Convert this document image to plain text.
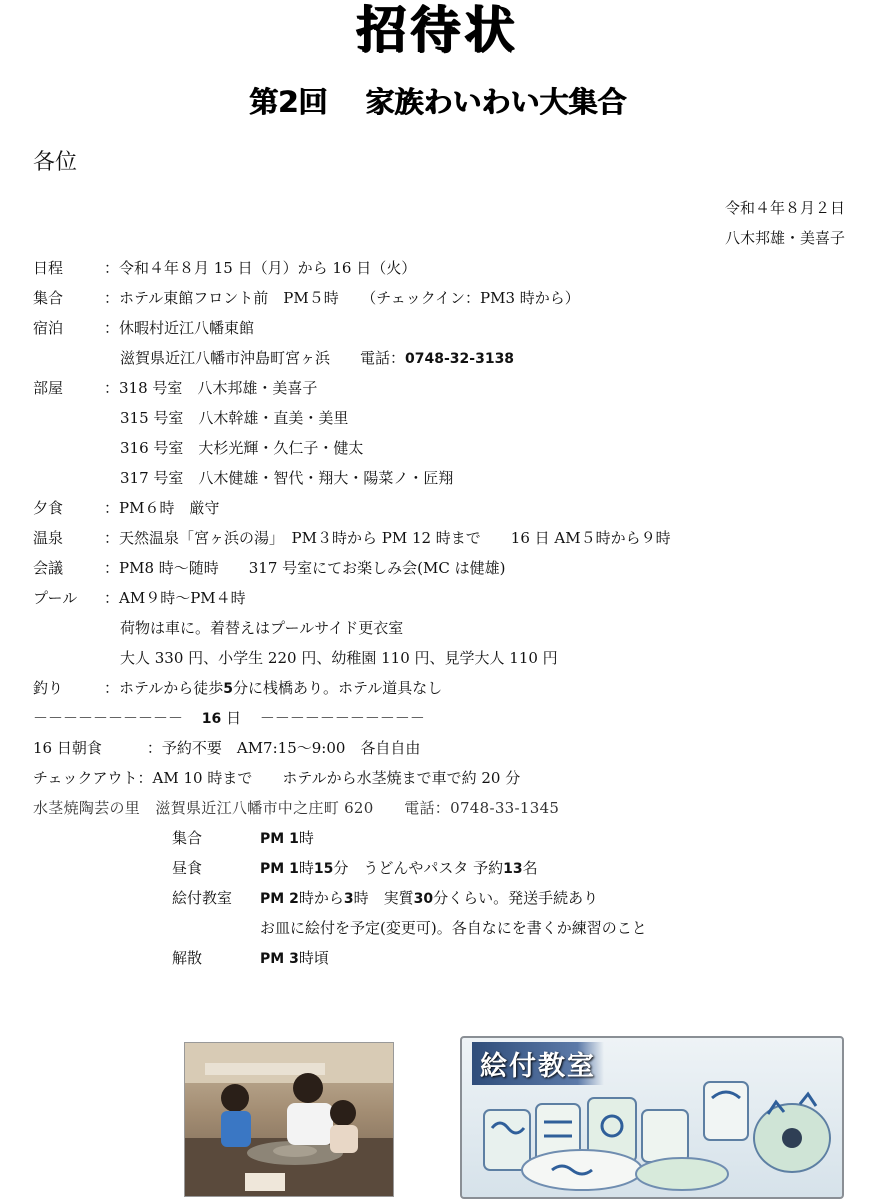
招待状
第2回 家族わいわい大集合
各位
令和４年８月２日
八木邦雄・美喜子
日程	：令和４年８月 15 日（月）から 16 日（火）
集合	：ホテル東館フロント前　PM５時　　（チェックイン：PM3 時から）
宿泊	：休暇村近江八幡東館
滋賀県近江八幡市沖島町宮ヶ浜　　電話：0748-32-3138
部屋	：318 号室　八木邦雄・美喜子
315 号室　八木幹雄・直美・美里
316 号室　大杉光輝・久仁子・健太
317 号室　八木健雄・智代・翔大・陽菜ノ・匠翔
夕食	：PM６時　厳守
温泉	：天然温泉「宮ヶ浜の湯」　PM３時から PM 12 時まで　　16 日 AM５時から９時
会議	：PM8 時～随時　　317 号室にてお楽しみ会(MC は健雄)
プール ：AM９時～PM４時
荷物は車に。着替えはプールサイド更衣室
大人 330 円、小学生 220 円、幼稚園 110 円、見学大人 110 円
釣り	：ホテルから徒歩5分に桟橋あり。ホテル道具なし
－－－－－－－－－－ 16 日 －－－－－－－－－－－
16 日朝食　　　：予約不要　AM7:15～9:00　各自自由
チェックアウト：AM 10 時まで　　ホテルから水茎焼まで車で約 20 分
水茎焼陶芸の里　滋賀県近江八幡市中之庄町 620　　電話：0748-33-1345
集合	PM 1時
昼食	PM 1時15分　うどんやパスタ 予約13名
絵付教室 PM 2時から3時　実質30分くらい。発送手続あり
お皿に絵付を予定(変更可)。各自なにを書くか練習のこと
解散	PM 3時頃
絵付教室
